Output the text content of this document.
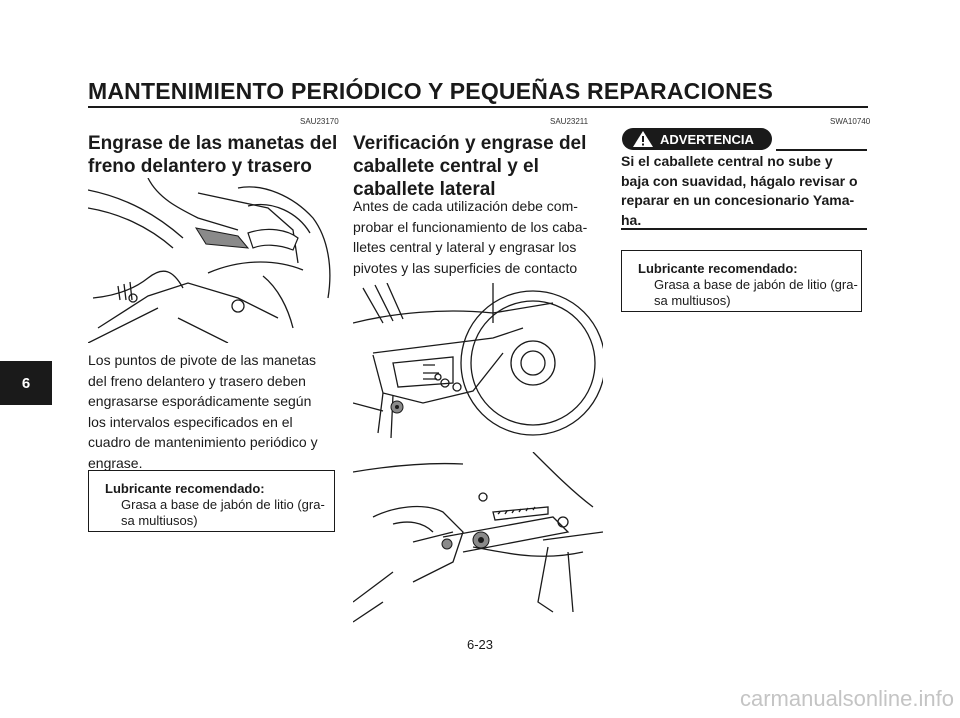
MANTENIMIENTO PERIÓDICO Y PEQUEÑAS REPARACIONES
6
SAU23170
Engrase de las manetas del
freno delantero y trasero
Los puntos de pivote de las manetas
del freno delantero y trasero deben
engrasarse esporádicamente según
los intervalos especificados en el
cuadro de mantenimiento periódico y
engrase.
Lubricante recomendado:
Grasa a base de jabón de litio (gra-
sa multiusos)
SAU23211
Verificación y engrase del
caballete central y el
caballete lateral
Antes de cada utilización debe com-
probar el funcionamiento de los caba-
lletes central y lateral y engrasar los
pivotes y las superficies de contacto
metal-metal según sea necesario.
SWA10740
ADVERTENCIA
Si el caballete central no sube y
baja con suavidad, hágalo revisar o
reparar en un concesionario Yama-
ha.
Lubricante recomendado:
Grasa a base de jabón de litio (gra-
sa multiusos)
6-23
carmanualsonline.info
